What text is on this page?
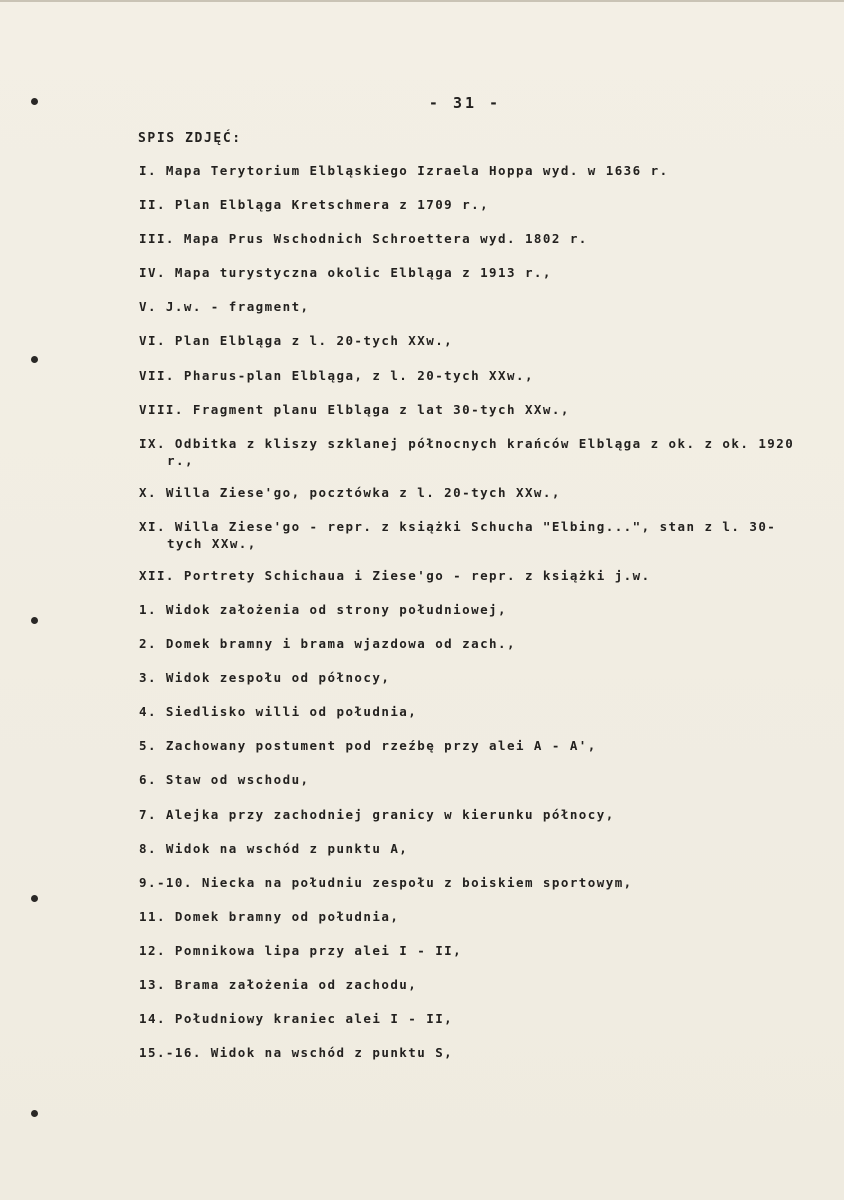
- 31 -
SPIS ZDJĘĆ:
I. Mapa Terytorium Elbląskiego Izraela Hoppa wyd. w 1636 r.
II. Plan Elbląga Kretschmera z 1709 r.,
III. Mapa Prus Wschodnich Schroettera wyd. 1802 r.
IV. Mapa turystyczna okolic Elbląga z 1913 r.,
V. J.w. - fragment,
VI. Plan Elbląga z l. 20-tych XXw.,
VII. Pharus-plan Elbląga, z l. 20-tych XXw.,
VIII. Fragment planu Elbląga z lat 30-tych XXw.,
IX. Odbitka z kliszy szklanej północnych krańców Elbląga z ok. z ok. 1920 r.,
X. Willa Ziese'go, pocztówka z l. 20-tych XXw.,
XI. Willa Ziese'go - repr. z książki Schucha "Elbing...", stan z l. 30-tych XXw.,
XII. Portrety Schichaua i Ziese'go - repr. z książki j.w.
1. Widok założenia od strony południowej,
2. Domek bramny i brama wjazdowa od zach.,
3. Widok zespołu od północy,
4. Siedlisko willi od południa,
5. Zachowany postument pod rzeźbę przy alei A - A',
6. Staw od wschodu,
7. Alejka przy zachodniej granicy w kierunku północy,
8. Widok na wschód z punktu A,
9.-10. Niecka na południu zespołu z boiskiem sportowym,
11. Domek bramny od południa,
12. Pomnikowa lipa przy alei I - II,
13. Brama założenia od zachodu,
14. Południowy kraniec alei I - II,
15.-16. Widok na wschód z punktu S,
